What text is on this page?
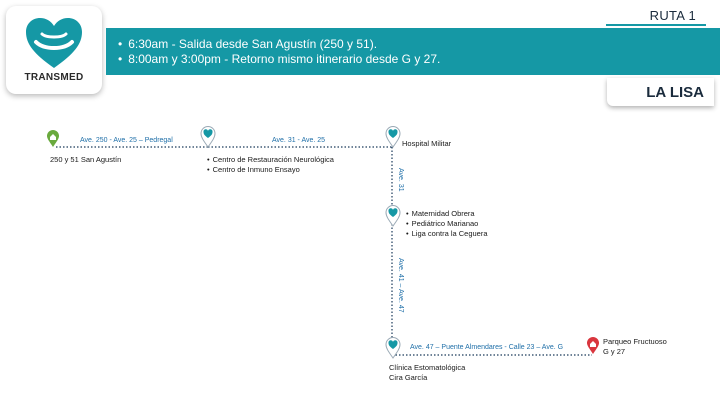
TRANSMED
RUTA 1
• 6:30am - Salida desde San Agustín (250 y 51).
• 8:00am y 3:00pm - Retorno mismo itinerario desde G y 27.
LA LISA
Ave. 250 - Ave. 25 – Pedregal	Ave. 31 - Ave. 25
Ave. 31
Ave. 41 – Ave. 47
Ave. 47 – Puente Almendares - Calle 23 – Ave. G
250 y 51 San Agustín
•	Centro de Restauración Neurológica
• Centro de Inmuno Ensayo
Hospital Militar
• Maternidad Obrera
• Pediátrico Marianao
• Liga contra la Ceguera
Clínica Estomatológica
Cira García
Parqueo Fructuoso
G y 27
